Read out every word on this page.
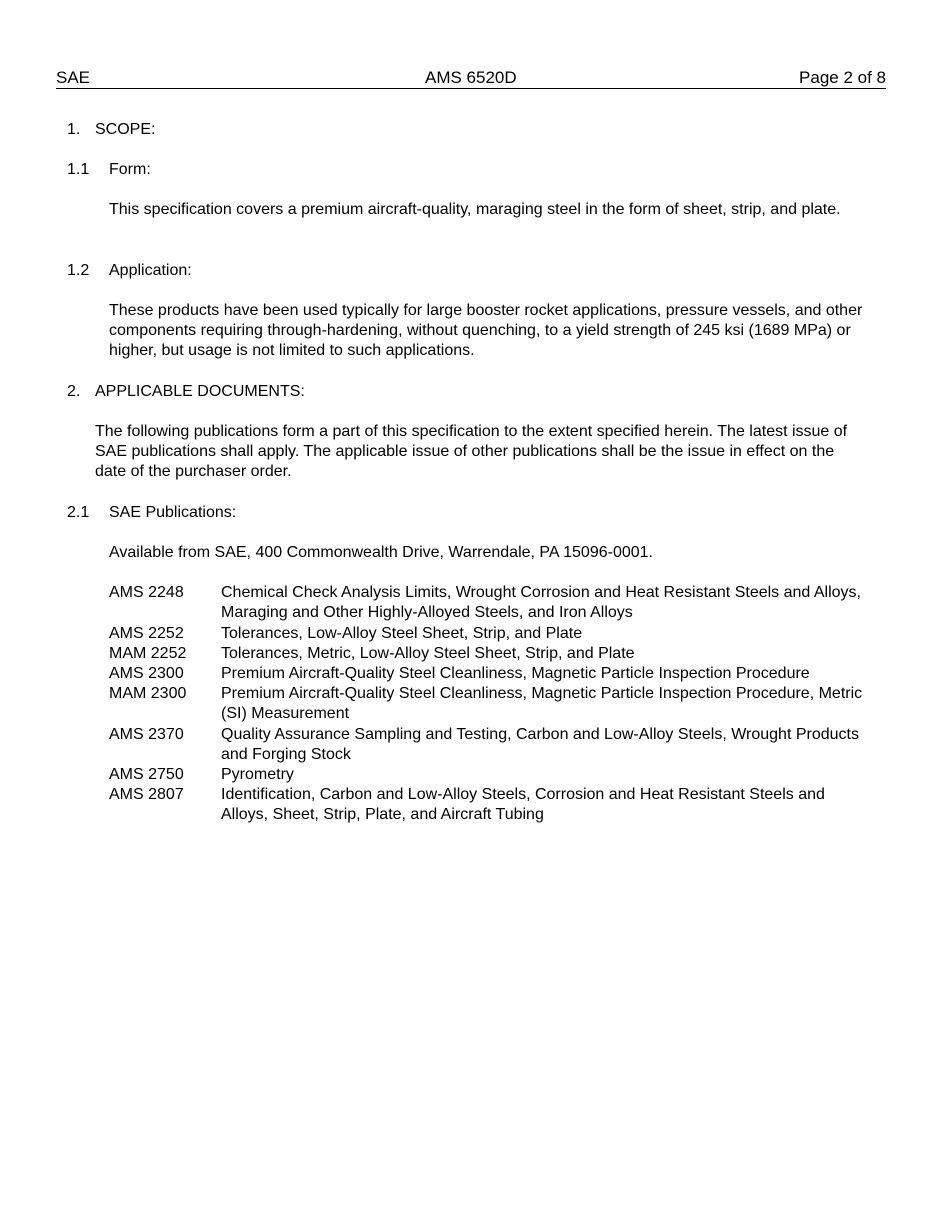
SAE	AMS 6520D	Page 2 of 8
1. SCOPE:
1.1 Form:
This specification covers a premium aircraft-quality, maraging steel in the form of sheet, strip, and plate.
1.2 Application:
These products have been used typically for large booster rocket applications, pressure vessels, and other components requiring through-hardening, without quenching, to a yield strength of 245 ksi (1689 MPa) or higher, but usage is not limited to such applications.
2. APPLICABLE DOCUMENTS:
The following publications form a part of this specification to the extent specified herein. The latest issue of SAE publications shall apply. The applicable issue of other publications shall be the issue in effect on the date of the purchaser order.
2.1 SAE Publications:
Available from SAE, 400 Commonwealth Drive, Warrendale, PA 15096-0001.
AMS 2248 Chemical Check Analysis Limits, Wrought Corrosion and Heat Resistant Steels and Alloys, Maraging and Other Highly-Alloyed Steels, and Iron Alloys
AMS 2252 Tolerances, Low-Alloy Steel Sheet, Strip, and Plate
MAM 2252 Tolerances, Metric, Low-Alloy Steel Sheet, Strip, and Plate
AMS 2300 Premium Aircraft-Quality Steel Cleanliness, Magnetic Particle Inspection Procedure
MAM 2300 Premium Aircraft-Quality Steel Cleanliness, Magnetic Particle Inspection Procedure, Metric (SI) Measurement
AMS 2370 Quality Assurance Sampling and Testing, Carbon and Low-Alloy Steels, Wrought Products and Forging Stock
AMS 2750 Pyrometry
AMS 2807 Identification, Carbon and Low-Alloy Steels, Corrosion and Heat Resistant Steels and Alloys, Sheet, Strip, Plate, and Aircraft Tubing
